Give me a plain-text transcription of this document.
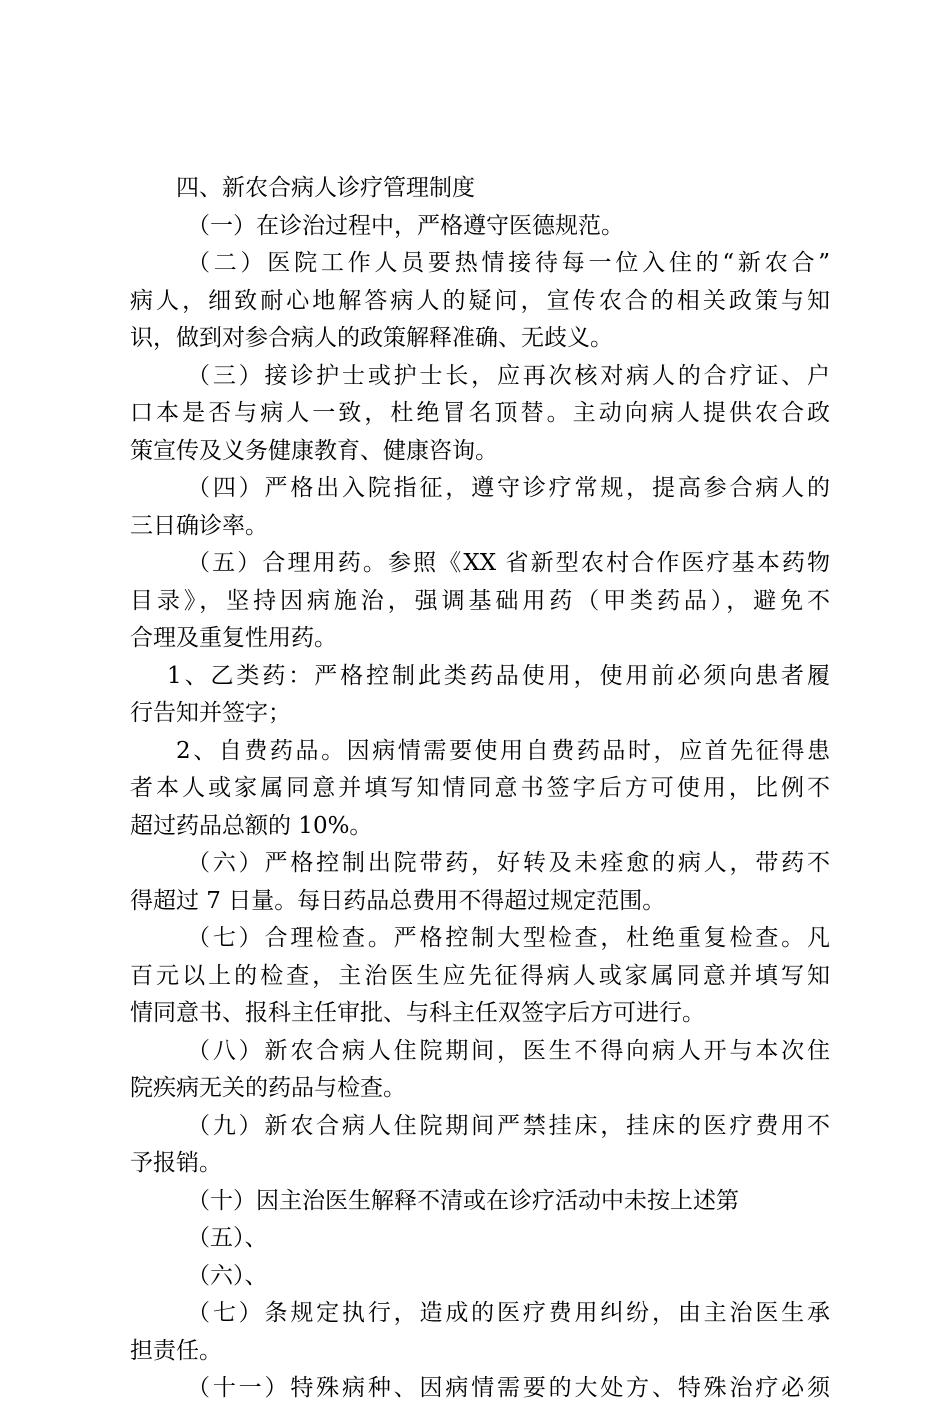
四、新农合病人诊疗管理制度
（一）在诊治过程中，严格遵守医德规范。
（二）医院工作人员要热情接待每一位入住的“新农合”
病人，细致耐心地解答病人的疑问，宣传农合的相关政策与知
识，做到对参合病人的政策解释准确、无歧义。
（三）接诊护士或护士长，应再次核对病人的合疗证、户
口本是否与病人一致，杜绝冒名顶替。主动向病人提供农合政
策宣传及义务健康教育、健康咨询。
（四）严格出入院指征，遵守诊疗常规，提高参合病人的
三日确诊率。
（五）合理用药。参照《XX 省新型农村合作医疗基本药物
目录》，坚持因病施治，强调基础用药（甲类药品），避免不
合理及重复性用药。
1、乙类药：严格控制此类药品使用，使用前必须向患者履
行告知并签字；
2、自费药品。因病情需要使用自费药品时，应首先征得患
者本人或家属同意并填写知情同意书签字后方可使用，比例不
超过药品总额的 10%。
（六）严格控制出院带药，好转及未痊愈的病人，带药不
得超过 7 日量。每日药品总费用不得超过规定范围。
（七）合理检查。严格控制大型检查，杜绝重复检查。凡
百元以上的检查，主治医生应先征得病人或家属同意并填写知
情同意书、报科主任审批、与科主任双签字后方可进行。
（八）新农合病人住院期间，医生不得向病人开与本次住
院疾病无关的药品与检查。
（九）新农合病人住院期间严禁挂床，挂床的医疗费用不
予报销。
（十）因主治医生解释不清或在诊疗活动中未按上述第
（五）、
（六）、
（七）条规定执行，造成的医疗费用纠纷，由主治医生承
担责任。
（十一）特殊病种、因病情需要的大处方、特殊治疗必须
